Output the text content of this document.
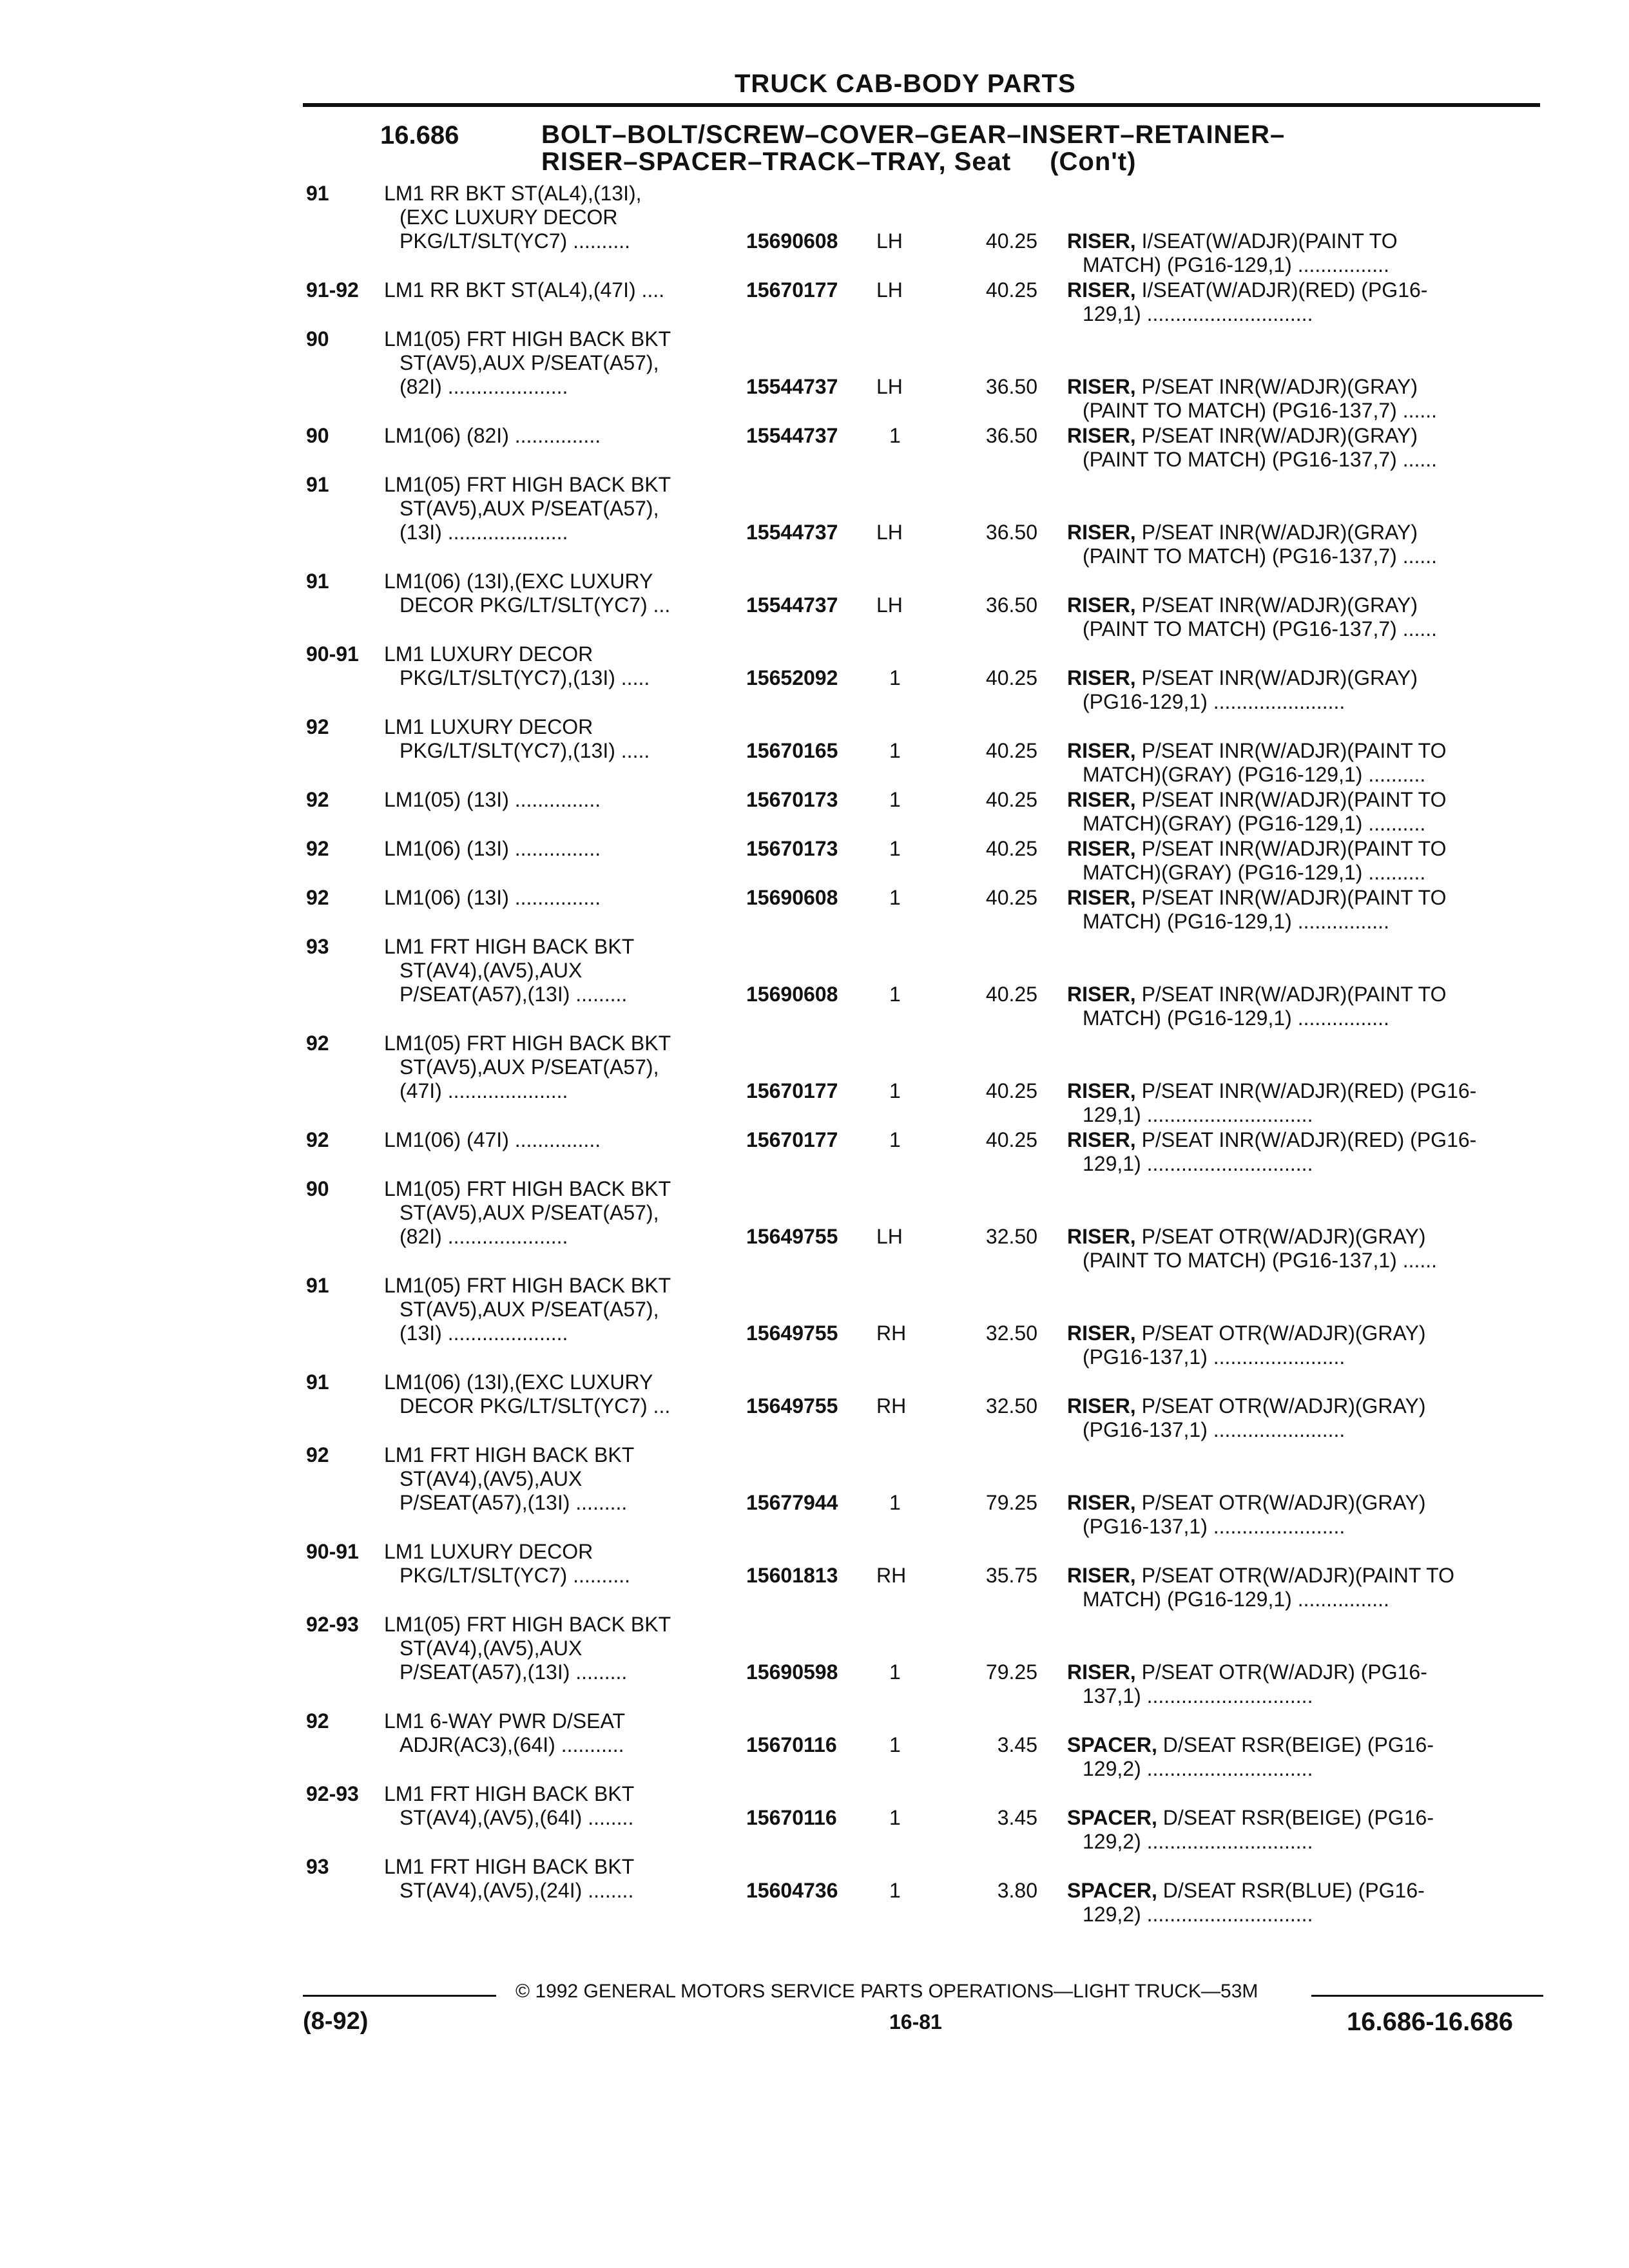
TRUCK CAB-BODY PARTS
16.686	BOLT–BOLT/SCREW–COVER–GEAR–INSERT–RETAINER–
RISER–SPACER–TRACK–TRAY, Seat (Con't)
91	LM1 RR BKT ST(AL4),(13I),
(EXC LUXURY DECOR
PKG/LT/SLT(YC7) ..........	15690608 LH	40.25 RISER, I/SEAT(W/ADJR)(PAINT TO
MATCH) (PG16-129,1) ................
91-92 LM1 RR BKT ST(AL4),(47I) ....	15670177 LH	40.25 RISER, I/SEAT(W/ADJR)(RED) (PG16-
129,1) .............................
90	LM1(05) FRT HIGH BACK BKT
ST(AV5),AUX P/SEAT(A57),
(82I) .....................	15544737 LH	36.50 RISER, P/SEAT INR(W/ADJR)(GRAY)
(PAINT TO MATCH) (PG16-137,7) ......
90	LM1(06) (82I) ...............	15544737 1	36.50 RISER, P/SEAT INR(W/ADJR)(GRAY)
(PAINT TO MATCH) (PG16-137,7) ......
91	LM1(05) FRT HIGH BACK BKT
ST(AV5),AUX P/SEAT(A57),
(13I) .....................	15544737 LH	36.50 RISER, P/SEAT INR(W/ADJR)(GRAY)
(PAINT TO MATCH) (PG16-137,7) ......
91	LM1(06) (13I),(EXC LUXURY
DECOR PKG/LT/SLT(YC7) ...	15544737 LH	36.50 RISER, P/SEAT INR(W/ADJR)(GRAY)
(PAINT TO MATCH) (PG16-137,7) ......
90-91 LM1 LUXURY DECOR
PKG/LT/SLT(YC7),(13I) .....	15652092 1	40.25 RISER, P/SEAT INR(W/ADJR)(GRAY)
(PG16-129,1) .......................
92	LM1 LUXURY DECOR
PKG/LT/SLT(YC7),(13I) .....	15670165 1	40.25 RISER, P/SEAT INR(W/ADJR)(PAINT TO
MATCH)(GRAY) (PG16-129,1) ..........
92	LM1(05) (13I) ...............	15670173 1	40.25 RISER, P/SEAT INR(W/ADJR)(PAINT TO
MATCH)(GRAY) (PG16-129,1) ..........
92	LM1(06) (13I) ...............	15670173 1	40.25 RISER, P/SEAT INR(W/ADJR)(PAINT TO
MATCH)(GRAY) (PG16-129,1) ..........
92	LM1(06) (13I) ...............	15690608 1	40.25 RISER, P/SEAT INR(W/ADJR)(PAINT TO
MATCH) (PG16-129,1) ................
93	LM1 FRT HIGH BACK BKT
ST(AV4),(AV5),AUX
P/SEAT(A57),(13I) .........	15690608 1	40.25 RISER, P/SEAT INR(W/ADJR)(PAINT TO
MATCH) (PG16-129,1) ................
92	LM1(05) FRT HIGH BACK BKT
ST(AV5),AUX P/SEAT(A57),
(47I) .....................	15670177 1	40.25 RISER, P/SEAT INR(W/ADJR)(RED) (PG16-
129,1) .............................
92	LM1(06) (47I) ...............	15670177 1	40.25 RISER, P/SEAT INR(W/ADJR)(RED) (PG16-
129,1) .............................
90	LM1(05) FRT HIGH BACK BKT
ST(AV5),AUX P/SEAT(A57),
(82I) .....................	15649755 LH	32.50 RISER, P/SEAT OTR(W/ADJR)(GRAY)
(PAINT TO MATCH) (PG16-137,1) ......
91	LM1(05) FRT HIGH BACK BKT
ST(AV5),AUX P/SEAT(A57),
(13I) .....................	15649755 RH	32.50 RISER, P/SEAT OTR(W/ADJR)(GRAY)
(PG16-137,1) .......................
91	LM1(06) (13I),(EXC LUXURY
DECOR PKG/LT/SLT(YC7) ...	15649755 RH	32.50 RISER, P/SEAT OTR(W/ADJR)(GRAY)
(PG16-137,1) .......................
92	LM1 FRT HIGH BACK BKT
ST(AV4),(AV5),AUX
P/SEAT(A57),(13I) .........	15677944 1	79.25 RISER, P/SEAT OTR(W/ADJR)(GRAY)
(PG16-137,1) .......................
90-91 LM1 LUXURY DECOR
PKG/LT/SLT(YC7) ..........	15601813 RH	35.75 RISER, P/SEAT OTR(W/ADJR)(PAINT TO
MATCH) (PG16-129,1) ................
92-93 LM1(05) FRT HIGH BACK BKT
ST(AV4),(AV5),AUX
P/SEAT(A57),(13I) .........	15690598 1	79.25 RISER, P/SEAT OTR(W/ADJR) (PG16-
137,1) .............................
92	LM1 6-WAY PWR D/SEAT
ADJR(AC3),(64I) ...........	15670116	1	3.45 SPACER, D/SEAT RSR(BEIGE) (PG16-
129,2) .............................
92-93 LM1 FRT HIGH BACK BKT
ST(AV4),(AV5),(64I) ........	15670116	1	3.45 SPACER, D/SEAT RSR(BEIGE) (PG16-
129,2) .............................
93	LM1 FRT HIGH BACK BKT
ST(AV4),(AV5),(24I) ........	15604736 1	3.80 SPACER, D/SEAT RSR(BLUE) (PG16-
129,2) .............................
© 1992 GENERAL MOTORS SERVICE PARTS OPERATIONS—LIGHT TRUCK—53M
(8-92)	16-81	16.686-16.686
